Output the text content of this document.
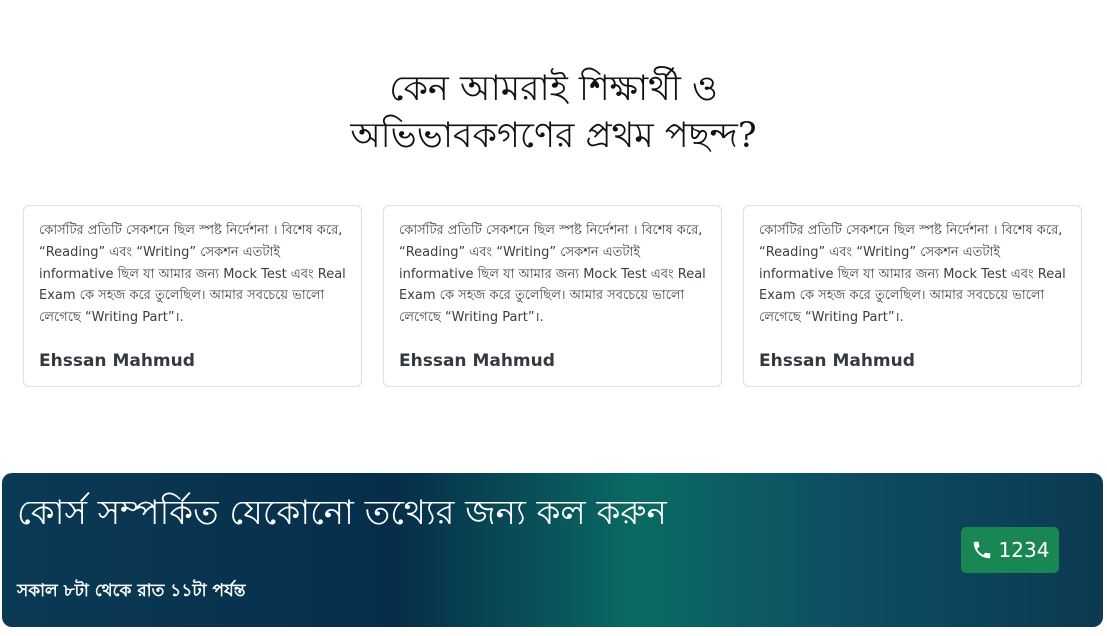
কেন আমরাই শিক্ষার্থী ও
অভিভাবকগণের প্রথম পছন্দ?

কোর্সটির প্রতিটি সেকশনে ছিল স্পষ্ট নির্দেশনা । বিশেষ করে, “Reading” এবং “Writing” সেকশন এতটাই informative ছিল যা আমার জন্য Mock Test এবং Real Exam কে সহজ করে তুলেছিল। আমার সবচেয়ে ভালো লেগেছে “Writing Part”।.

Ehssan Mahmud

কোর্সটির প্রতিটি সেকশনে ছিল স্পষ্ট নির্দেশনা । বিশেষ করে, “Reading” এবং “Writing” সেকশন এতটাই informative ছিল যা আমার জন্য Mock Test এবং Real Exam কে সহজ করে তুলেছিল। আমার সবচেয়ে ভালো লেগেছে “Writing Part”।.

Ehssan Mahmud

কোর্সটির প্রতিটি সেকশনে ছিল স্পষ্ট নির্দেশনা । বিশেষ করে, “Reading” এবং “Writing” সেকশন এতটাই informative ছিল যা আমার জন্য Mock Test এবং Real Exam কে সহজ করে তুলেছিল। আমার সবচেয়ে ভালো লেগেছে “Writing Part”।.

Ehssan Mahmud
কোর্স সম্পর্কিত যেকোনো তথ্যের জন্য কল করুন
সকাল ৮টা থেকে রাত ১১টা পর্যন্ত
1234
